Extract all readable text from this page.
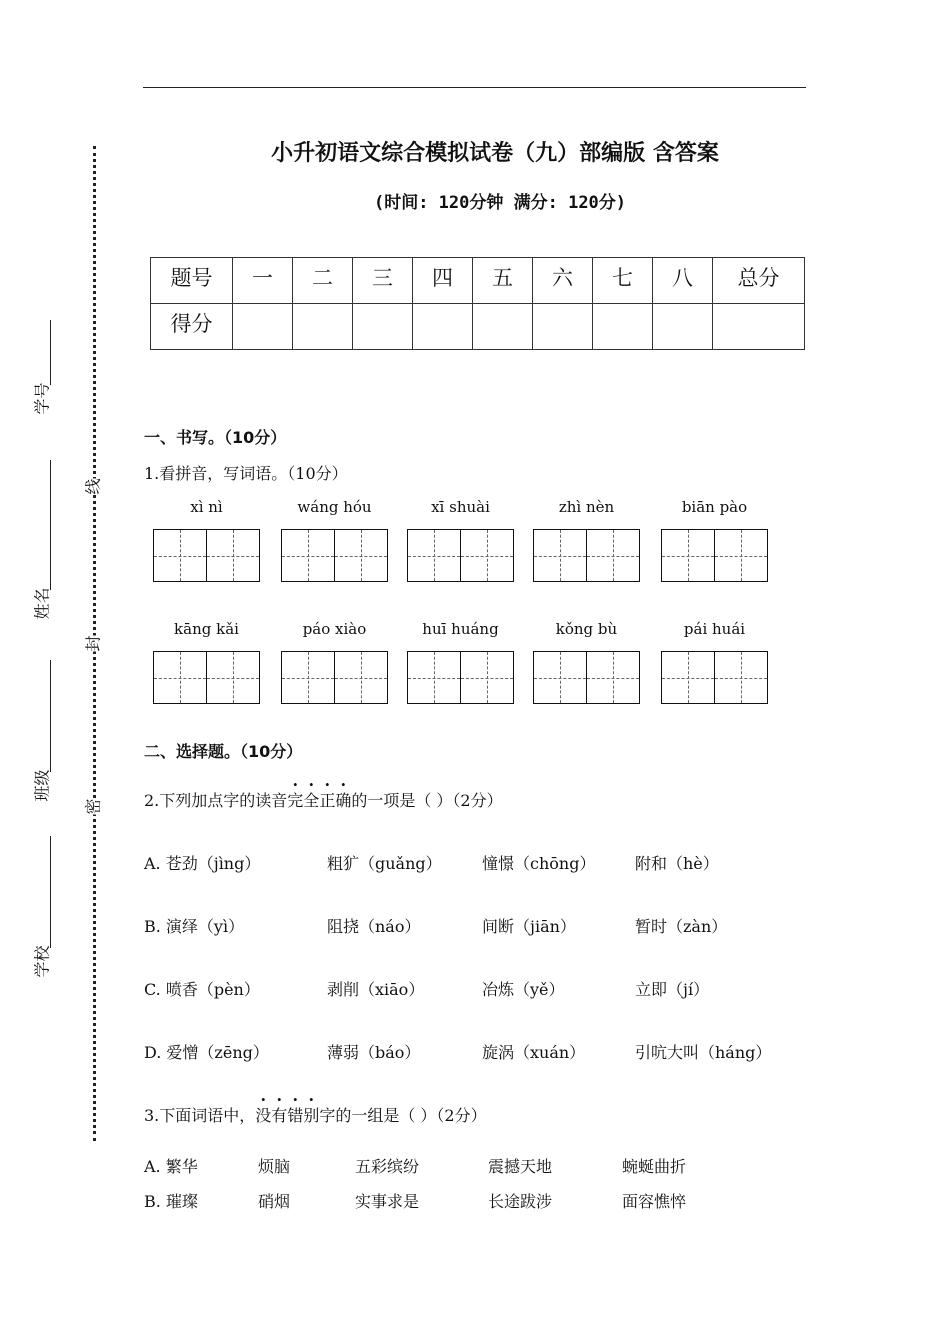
学号
姓名
班级
学校
线
封
密
小升初语文综合模拟试卷（九）部编版 含答案
(时间: 120分钟 满分: 120分)
题号	一	二	三	四	五	六	七	八	总分
得分									
一、书写。（10分）
1.看拼音，写词语。（10分）
xì nì	wáng hóu	xī shuài	zhì nèn	biān pào
kāng kǎi	páo xiào	huī huáng	kǒng bù	pái huái
二、选择题。（10分）
2.下列加点字的读音完全正确的一项是（ ）（2分）
A. 苍劲（jìng）	粗犷（guǎng）	憧憬（chōng） 附和（hè）
B. 演绎（yì）	阻挠（náo）	间断（jiān）	暂时（zàn）
C. 喷香（pèn）	剥削（xiāo）	冶炼（yě）	立即（jí）
D. 爱憎（zēng）	薄弱（báo）	旋涡（xuán）	引吭大叫（háng）
3.下面词语中，没有错别字的一组是（ ）（2分）
A. 繁华	烦脑	五彩缤纷	震撼天地	蜿蜒曲折
B. 璀璨	硝烟	实事求是	长途跋涉	面容憔悴
